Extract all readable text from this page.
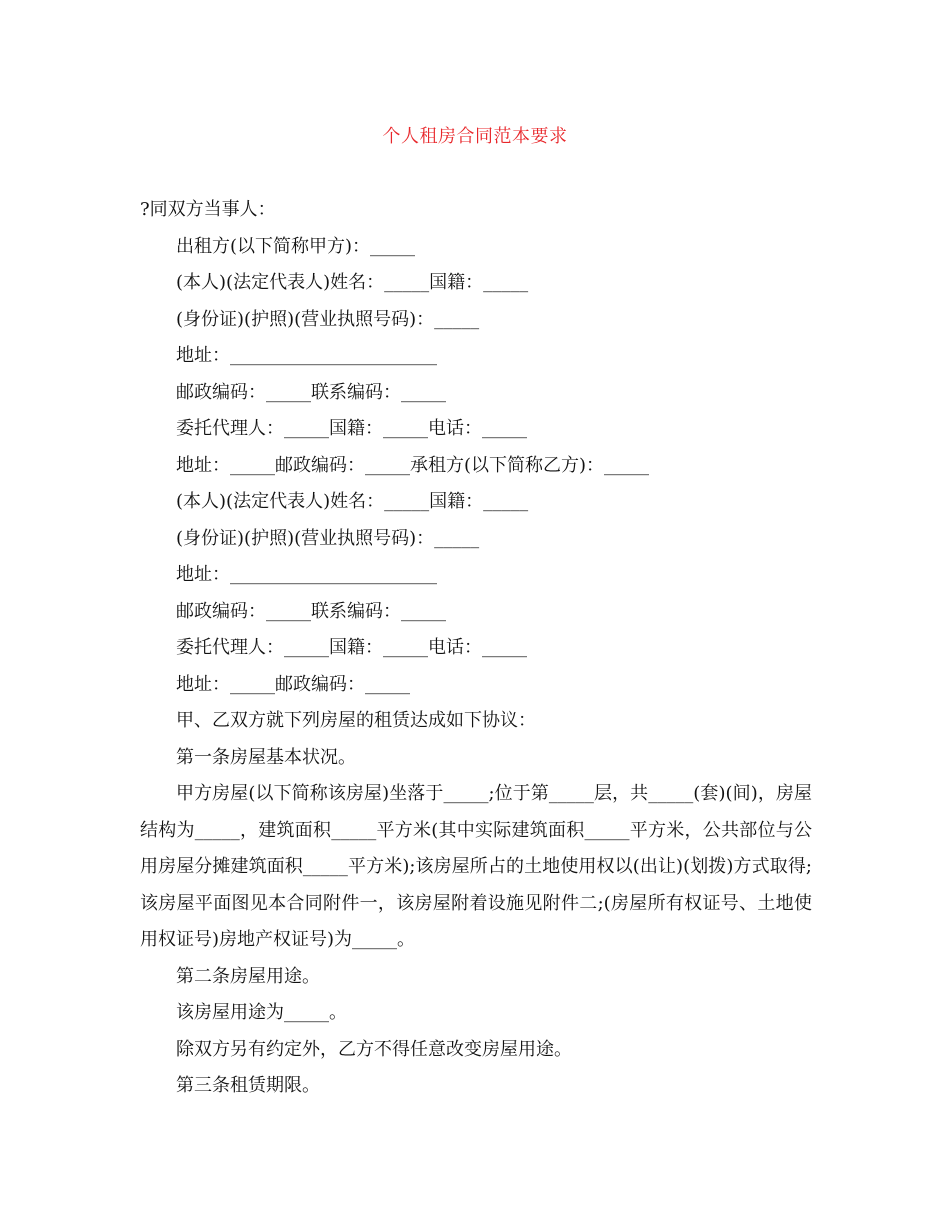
个人租房合同范本要求

?同双方当事人：

出租方(以下简称甲方)：_____

(本人)(法定代表人)姓名：_____国籍：_____

(身份证)(护照)(营业执照号码)：_____

地址：_______________________

邮政编码：_____联系编码：_____

委托代理人：_____国籍：_____电话：_____

地址：_____邮政编码：_____承租方(以下简称乙方)：_____

(本人)(法定代表人)姓名：_____国籍：_____

(身份证)(护照)(营业执照号码)：_____

地址：_______________________

邮政编码：_____联系编码：_____

委托代理人：_____国籍：_____电话：_____

地址：_____邮政编码：_____

甲、乙双方就下列房屋的租赁达成如下协议：

第一条房屋基本状况。

甲方房屋(以下简称该房屋)坐落于_____;位于第_____层，共_____(套)(间)，房屋结构为_____，建筑面积_____平方米(其中实际建筑面积_____平方米，公共部位与公用房屋分摊建筑面积_____平方米);该房屋所占的土地使用权以(出让)(划拨)方式取得;该房屋平面图见本合同附件一，该房屋附着设施见附件二;(房屋所有权证号、土地使用权证号)房地产权证号)为_____。

第二条房屋用途。

该房屋用途为_____。

除双方另有约定外，乙方不得任意改变房屋用途。

第三条租赁期限。
